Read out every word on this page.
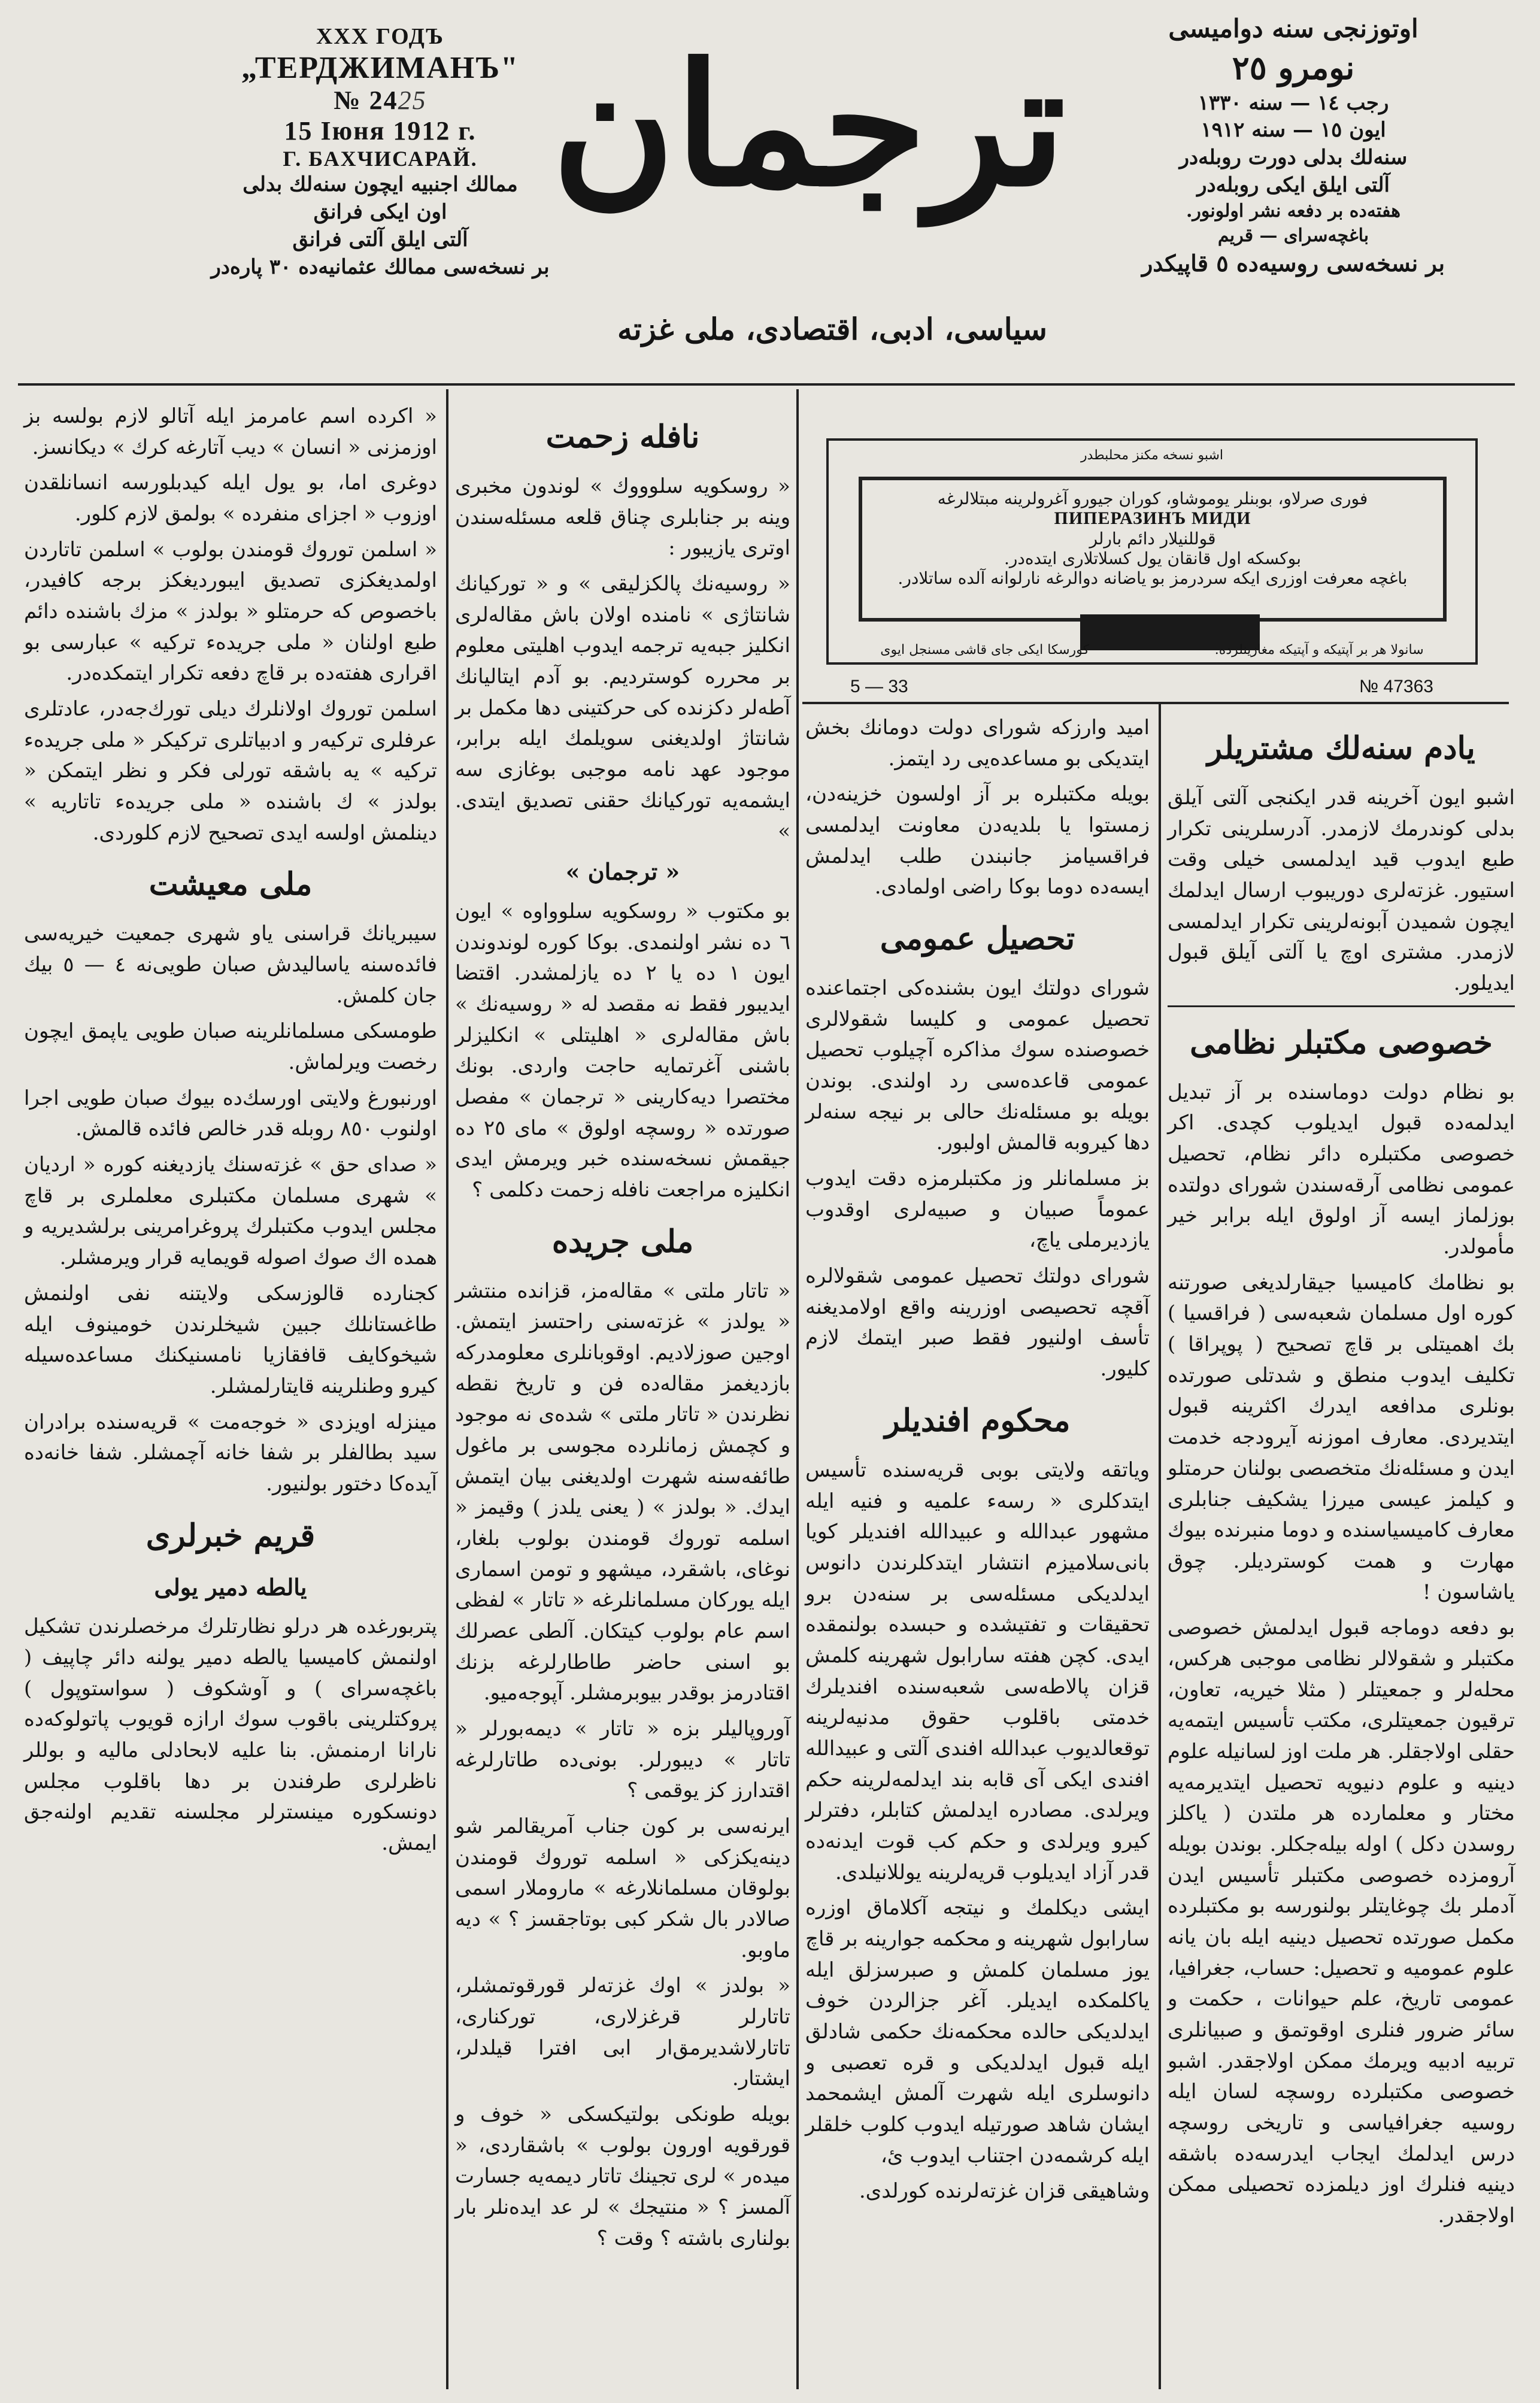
XXX ГОДЪ
„ТЕРДЖИМАНЪ"
№ 2425
15 Іюня 1912 г.
Г. БАХЧИСАРАЙ.
ممالك اجنبيه ايچون سنه‌لك بدلى
اون ايكى فرانق
آلتى ايلق آلتى فرانق
بر نسخه‌سى ممالك عثمانيه‌ده ۳۰ پاره‌در
ترجمان
سياسى، ادبى، اقتصادى، ملى غزته
اوتوزنجى سنه دواميسى
نومرو ٢٥
رجب ١٤ — سنه ١٣٣٠
ايون ١٥ — سنه ١٩١٢
سنه‌لك بدلى دورت روبله‌در
آلتى ايلق ايكى روبله‌در
هفته‌ده بر دفعه نشر اولونور.
باغچه‌سراى — قريم
بر نسخه‌سى روسيه‌ده ٥ قاپيكدر

« اكرده اسم عامرمز ايله آتالو لازم بولسه بز اوزمزنى « انسان » ديب آتارغه كرك » ديكانسز.

دوغرى اما، بو يول ايله كيدبلورسه انسانلقدن اوزوب « اجزاى منفرده » بولمق لازم كلور.

« اسلمن توروك قومندن بولوب » اسلمن تاتاردن اولمديغكزى تصديق ايبورديغكز برجه كافيدر، باخصوص كه حرمتلو « بولدز » مزك باشنده دائم طبع اولنان « ملى جريده‌ء تركيه » عبارسى بو اقرارى هفته‌ده بر قاچ دفعه تكرار ايتمكده‌در.

اسلمن توروك اولانلرك ديلى تورك‌جه‌در، عادتلرى عرفلرى تركيه‌ر و ادبياتلرى تركيكر « ملى جريده‌ء تركيه » يه باشقه تورلى فكر و نظر ايتمكن « بولدز » ك باشنده « ملى جريده‌ء تاتاريه » دينلمش اولسه ايدى تصحيح لازم كلوردى.

ملى معيشت

سيبريانك قراسنى ياو شهرى جمعيت خيريه‌سى فائده‌سنه ياساليدش صبان طويى‌نه ٤ — ٥ بيك جان كلمش.

طومسكى مسلمانلرينه صبان طويى ياپمق ايچون رخصت ويرلماش.

اورنبورغ ولايتى اورسك‌ده بيوك صبان طويى اجرا اولنوب ٨٥٠ روبله قدر خالص فائده قالمش.

« صداى حق » غزته‌سنك يازديغنه كوره « ارديان » شهرى مسلمان مكتبلرى معلملرى بر قاچ مجلس ايدوب مكتبلرك پروغرامرينى برلشديريه و همده اك صوك اصوله قويمايه قرار ويرمشلر.

كجنارده قالوزسكى ولايتنه نفى اولنمش طاغستانلك جبين شيخلرندن خومينوف ايله شيخوكايف قافقازيا نامسنيكنك مساعده‌سيله كيرو وطنلرينه قايتارلمشلر.

مينزله اويزدى « خوجه‌مت » قريه‌سنده برادران سيد بطالفلر بر شفا خانه آچمشلر. شفا خانه‌ده آيده‌كا دختور بولنيور.

قريم خبرلرى
يالطه دمير يولى

پتربورغده هر درلو نظارتلرك مرخصلرندن تشكيل اولنمش كاميسيا يالطه دمير يولنه دائر چاپيف ( باغچه‌سراى ) و آوشكوف ( سواستوپول ) پروكتلرينى باقوب سوك ارازه قويوب پاتولوكه‌ده نارانا ارمنمش. بنا عليه لابحادلى ماليه و بوللر ناظرلرى طرفندن بر دها باقلوب مجلس دونسكوره مينسترلر مجلسنه تقديم اولنه‌جق ايمش.

نافله زحمت

« روسكويه سلوووك » لوندون مخبرى وينه بر جنابلرى چناق قلعه مسئله‌سندن اوترى يازيبور :

« روسيه‌نك پالكزليقى » و « توركيانك شانتاژى » نامنده اولان باش مقاله‌لرى انكليز جبه‌يه ترجمه ايدوب اهليتى معلوم بر محرره كوسترديم. بو آدم ايتاليانك آطه‌لر دكزنده كى حركتينى دها مكمل بر شانتاژ اولديغنى سويلمك ايله برابر، موجود عهد نامه موجبى بوغازى سه ايشمه‌يه توركيانك حقنى تصديق ايتدى. »

« ترجمان »

بو مكتوب « روسكويه سلوواوه » ايون ٦ ده نشر اولنمدى. بوكا كوره لوندوندن ايون ١ ده يا ٢ ده يازلمشدر. اقتضا ايديبور فقط نه مقصد له « روسيه‌نك » باش مقاله‌لرى « اهليتلى » انكليزلر باشنى آغرتمايه حاجت واردى. بونك مختصرا ديه‌كارينى « ترجمان » مفصل صورتده « روسچه اولوق » ماى ٢٥ ده جيقمش نسخه‌سنده خبر ويرمش ايدى انكليزه مراجعت نافله زحمت دكلمى ؟

ملى جريده

« تاتار ملتى » مقاله‌مز، قزانده منتشر « يولدز » غزته‌سنى راحتسز ايتمش. اوجين صوزلاديم. اوقوبانلرى معلومدرکه بازديغمز مقاله‌ده فن و تاريخ نقطه نظرندن « تاتار ملتى » شده‌ى نه موجود و كچمش زمانلرده مجوسى بر ماغول طائفه‌سنه شهرت اولديغنى بيان ايتمش ايدك. « بولدز » ( يعنى يلدز ) وقيمز « اسلمه توروك قومندن بولوب بلغار، نوغاى، باشقرد، ميشهو و تومن اسمارى ايله يوركان مسلمانلرغه « تاتار » لفظى اسم عام بولوب كيتكان. آلطى عصرلك بو اسنى حاضر طاطارلرغه بزنك اقتادرمز بوقدر بيوبرمشلر. آپوجه‌ميو.

آوروپاليلر بزه « تاتار » ديمه‌بورلر « تاتار » ديبورلر. بونى‌ده طاتارلرغه اقتدارز كز يوقمى ؟

ايرنه‌سى بر كون جناب آمريقالمر شو دينه‌يكزكى « اسلمه توروك قومندن بولوقان مسلمانلارغه » ماروملار اسمى صالادر بال شكر كبى بوتاجقسز ؟ » ديه ماوبو.

« بولدز » اوك غزته‌لر قورقوتمشلر، تاتارلر قرغزلارى، توركنارى، تاتارلاشديرمق‌ار ابى افترا قيلدلر، ايشتار.

بويله طونكى بولتيكسكى « خوف و قورقويه اورون بولوب » باشقاردى، « ميده‌ر » لرى تجينك تاتار ديمه‌يه جسارت آلمسز ؟ « منتيجك » لر عد ايده‌نلر بار بولنارى باشته ؟ وقت ؟

اشبو نسخه مكنز محلبطدر
فورى صرلاو، بوبنلر يوموشاو، كوران جيورو آغرولرينه مبتلالرغه
ПИПЕРАЗИНЪ МИДИ
قوللنيلار دائم بارلر
بوكسكه اول قانقان يول كسلاتلارى ايتده‌در.
باغچه معرفت اوزرى ايكه سردرمز بو ياضانه دوالرغه نارلوانه آلده ساتلادر.
سانولا هر بر آپتيكه و آپتيكه مغازينلرده.                              كورسكا ايكى جاى قاشى مسنجل ايوى
5 — 33	№ 47363

اميد وارزكه شوراى دولت دومانك بخش ايتديكى بو مساعده‌يى رد ايتمز.

بويله مكتبلره بر آز اولسون خزينه‌دن، زمستوا يا بلديه‌دن معاونت ايدلمسى فراقسيامز جانبندن طلب ايدلمش ايسه‌ده دوما بوكا راضى اولمادى.

تحصيل عمومى

شوراى دولتك ايون بشنده‌كى اجتماعنده تحصيل عمومى و كليسا شقولالرى خصوصنده سوك مذاكره آچيلوب تحصيل عمومى قاعده‌سى رد اولندى. بوندن بويله بو مسئله‌نك حالى بر نيجه سنه‌لر دها كيروبه قالمش اولبور.

بز مسلمانلر وز مكتبلرمزه دقت ايدوب عموماً صبيان و صبيه‌لرى اوقدوب يازديرملى ياچ،

شوراى دولتك تحصيل عمومى شقولالره آقچه تحصيصى اوزرينه واقع اولامديغنه تأسف اولنيور فقط صبر ايتمك لازم كليور.

محكوم افنديلر

وياتقه ولايتى بوبى قريه‌سنده تأسيس ايتدكلرى « رسه‌ء علميه و فنيه ايله مشهور عبدالله و عبيدالله افنديلر كويا بانى‌سلاميزم انتشار ايتدكلرندن دانوس ايدلديكى مسئله‌سى بر سنه‌دن برو تحقيقات و تفتيشده و حبسده بولنمقده ايدى. كچن هفته سارابول شهرينه كلمش قزان پالاطه‌سى شعبه‌سنده افنديلرك خدمتى باقلوب حقوق مدنيه‌لرينه توقعالديوب عبدالله افندى آلتى و عبيدالله افندى ايكى آى قابه بند ايدلمه‌لرينه حكم ويرلدى. مصادره ايدلمش كتابلر، دفترلر كيرو ويرلدى و حكم كب قوت ايدنه‌ده قدر آزاد ايديلوب قريه‌لرينه يوللانيلدى.

ايشى ديكلمك و نيتجه آكلاماق اوزره سارابول شهرينه و محكمه جوارينه بر قاچ يوز مسلمان كلمش و صبرسزلق ايله ياكلمكده ايديلر. آغر جزالردن خوف ايدلديكى حالده محكمه‌نك حكمى شادلق ايله قبول ايدلديكى و قره تعصبى و دانوسلرى ايله شهرت آلمش ايشمحمد ايشان شاهد صورتيله ايدوب كلوب خلقلر ايله كرشمه‌دن اجتناب ايدوب ئ،

وشاهيقى قزان غزته‌لرنده كورلدى.

يادم سنه‌لك مشتريلر

اشبو ايون آخرينه قدر ايكنجى آلتى آيلق بدلى كوندرمك لازمدر. آدرسلرينى تكرار طبع ايدوب قيد ايدلمسى خيلى وقت استيور. غزته‌لرى دوريبوب ارسال ايدلمك ايچون شميدن آبونه‌لرينى تكرار ايدلمسى لازمدر. مشترى اوچ يا آلتى آيلق قبول ايديلور.

خصوصى مكتبلر نظامى

بو نظام دولت دوماسنده بر آز تبديل ايدلمه‌ده قبول ايديلوب كچدى. اكر خصوصى مكتبلره دائر نظام، تحصيل عمومى نظامى آرقه‌سندن شوراى دولتده بوزلماز ايسه آز اولوق ايله برابر خير مأمولدر.

بو نظامك كاميسيا جيقارلديغى صورتنه كوره اول مسلمان شعبه‌سى ( فراقسيا ) بك اهميتلى بر قاچ تصحيح ( پوپراقا ) تكليف ايدوب منطق و شدتلى صورتده بونلرى مدافعه ايدرك اكثرينه قبول ايتديردى. معارف اموزنه آيرودجه خدمت ايدن و مسئله‌نك متخصصى بولنان حرمتلو و كيلمز عيسى ميرزا يشكيف جنابلرى معارف كاميسياسنده و دوما منبرنده بيوك مهارت و همت كوسترديلر. چوق ياشاسون !

بو دفعه دوماجه قبول ايدلمش خصوصى مكتبلر و شقولالر نظامى موجبى هركس، محله‌لر و جمعيتلر ( مثلا خيريه، تعاون، ترقيون جمعيتلرى، مكتب تأسيس ايتمه‌يه حقلى اولاجقلر. هر ملت اوز لسانيله علوم دينيه و علوم دنيويه تحصيل ايتديرمه‌يه مختار و معلمارده هر ملتدن ( ياكلز روسدن دكل ) اوله بيله‌جكلر. بوندن بويله آرومزده خصوصى مكتبلر تأسيس ايدن آدملر بك چوغايتلر بولنورسه بو مكتبلرده مكمل صورتده تحصيل دينيه ايله بان يانه علوم عموميه و تحصيل: حساب، جغرافيا، عمومى تاريخ، علم حيوانات ، حكمت و سائر ضرور فنلرى اوقوتمق و صبيانلرى تربيه ادبيه ويرمك ممكن اولاجقدر. اشبو خصوصى مكتبلرده روسچه لسان ايله روسيه جغرافياسى و تاريخى روسچه درس ايدلمك ايجاب ايدرسه‌ده باشقه دينيه فنلرك اوز ديلمزده تحصيلى ممكن اولاجقدر.
